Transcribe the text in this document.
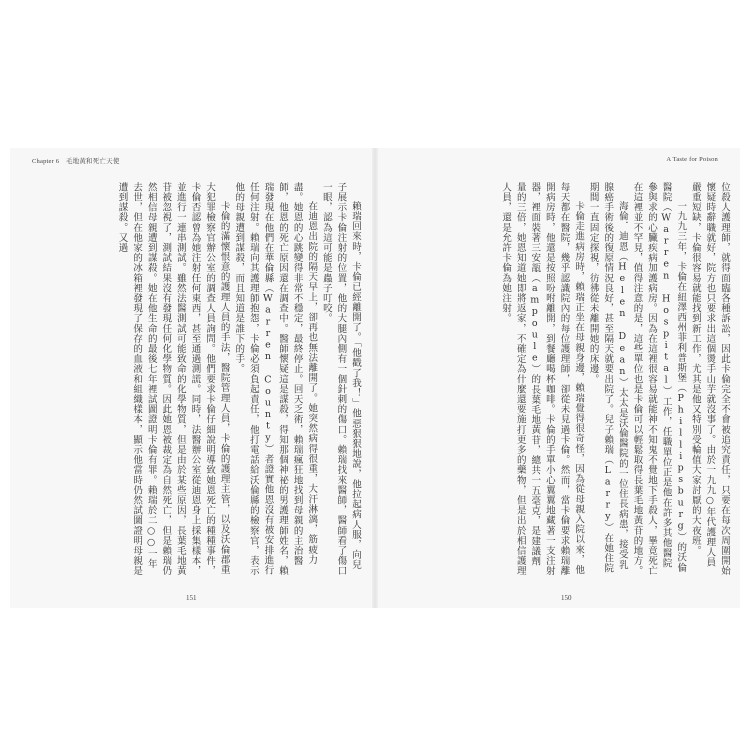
Chapter 6　毛地黃和死亡天使

賴瑞回來時，卡倫已經離開了。「他戳了我！」他惡狠狠地說，他拉起病人服，向兒子展示卡倫注射的位置，他的大腿內側有一個針刺的傷口。賴瑞找來醫師，醫師看了傷口一眼，認為這可能是蟲子叮咬。

在迪恩出院的隔天早上，卻再也無法離開了。她突然病得很重，大汗淋漓，筋疲力盡。她恩的心跳變得非常不穩定，最終停止。回天乏術，賴瑞瘋狂地找到母親的主治醫師，他恩的死亡原因還在調查中。醫師懷疑這是謀殺，得知那個神祕的男護理師姓名，賴瑞發現在他們在華倫縣（Warren County）者證實他恩沒有被安排進行任何注射。賴瑞向其護理師抱怨，卡倫必須負起責任，他打電話給沃倫縣的檢察官，表示他的母親遭到謀殺，而且知道是誰下的手。

卡倫的滿懷恨意的護理人員的手法，醫院管理人員，卡倫的護理主管，以及沃倫郡重大犯罪檢察官辦公室的調查人員詢問。他們要求卡倫仔細說明導致她恩死亡的種種事件，卡倫否認曾為她注射任何東西，甚至通過測謊。同時，法醫辦公室從迪恩身上採集樣本，並進行一連串測試。雖然法醫測試可能致命的化學物質，但是由於某些原因，長葉毛地黃苷被忽視了，測試結果沒有發現任何化學物質。因此她恩被裁定為自然死亡，但是賴瑞仍然相信母親遭到謀殺。她在他生命的最後七年裡試圖證明卡倫有罪。賴瑞於二○○一年去世，但在他家的冰箱裡發現了保存的血液和組織樣本，顯示他當時仍然試圖證明母親是遭到謀殺。又過

151
A Taste for Poison

位殺人護理師，就得面臨各種訴訟，因此卡倫完全不會被追究責任，只要在每次周圍開始懷疑時辭職就好，院方也只要求出這個燙手山芋就沒事了。由於一九九○年代護理人員嚴重短缺，卡倫很容易就能找到新工作，尤其是他又特別受輪值大家討厭的大夜班。

一九九三年，卡倫在紐澤西州菲利普斯堡（Phillipsburg）的沃倫醫院（Warren Hospital）工作，任職單位正是他在許多其他醫院參與求的心臟疾病加護病房。因為在這裡很容易就能神不知鬼不覺地下手殺人，畢竟死亡在這裡並不罕見，值得注意的是，這些單位也是卡倫可以輕鬆取得長葉毛地黃苷的地方。

海倫．迪恩（Helen Dean）太太是沃倫醫院的一位住長病患，接受乳腺癌手術後的復原情況良好，甚至隔天就要出院了。兒子賴瑞（Larry）在她住院期間一直固定探視，彷彿從未離開她的床邊。

卡倫走進病房時，賴瑞正坐在母親身邊，賴瑞覺得很奇怪，因為從母親入院以來，他每天都在醫院，幾乎認識院內的每位護理師，卻從未見過卡倫。然而，當卡倫要求賴瑞離開病房時，他還是按照吩咐離開，到餐廳喝杯咖啡。卡倫的手單小心翼翼地藏著一支注射器，裡面裝著三安瓿（ampoule）的長葉毛地黃苷，總共一五毫克，是建議劑量的三倍，她恩知道她即將返家，不確定為什麼還要施打更多的藥物，但是出於相信護理人員，還是允許卡倫為她注射。

150
